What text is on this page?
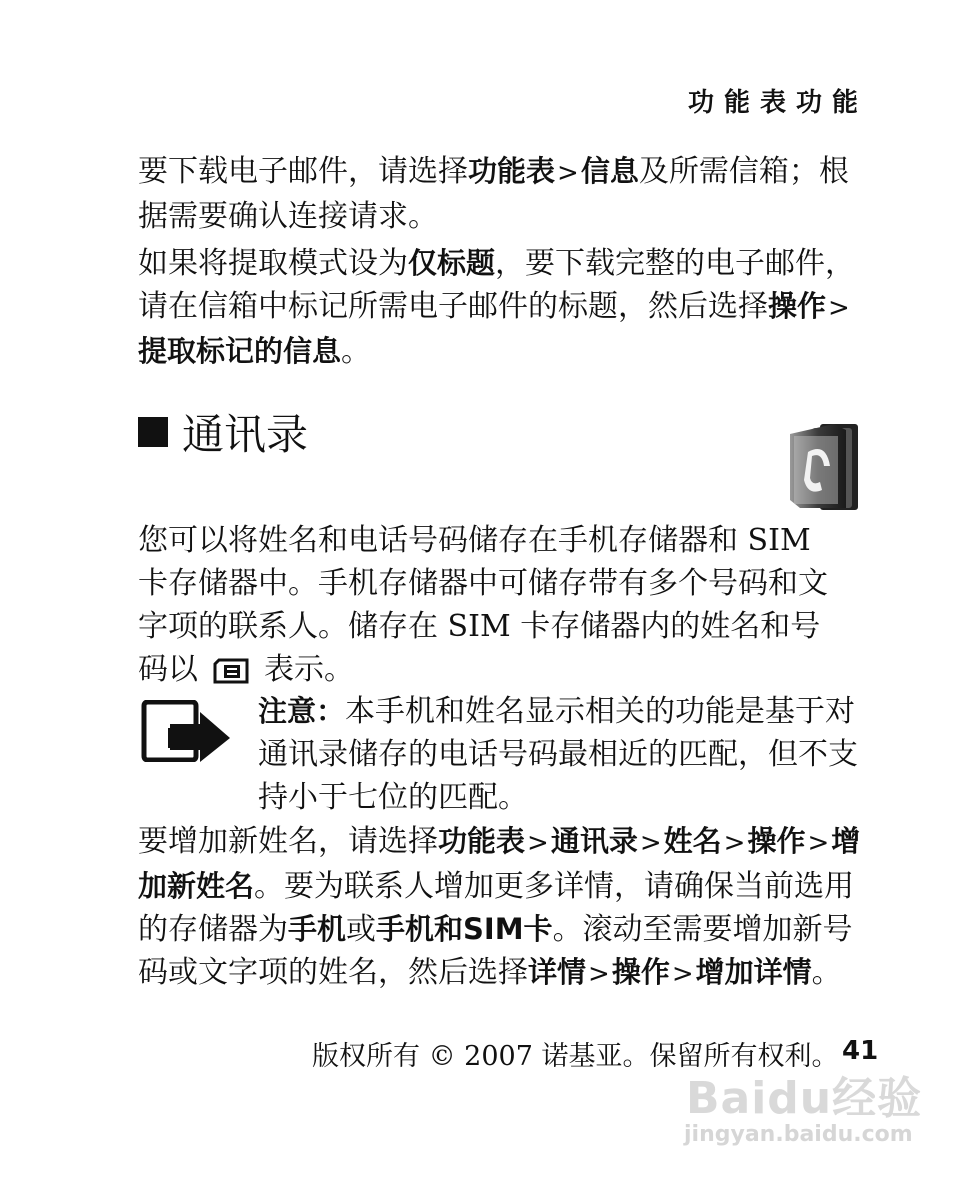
功能表功能
要下载电子邮件，请选择功能表>信息及所需信箱；根据需要确认连接请求。
如果将提取模式设为仅标题，要下载完整的电子邮件，请在信箱中标记所需电子邮件的标题，然后选择操作>提取标记的信息。
通讯录
您可以将姓名和电话号码储存在手机存储器和 SIM 卡存储器中。手机存储器中可储存带有多个号码和文字项的联系人。储存在 SIM 卡存储器内的姓名和号码以 表示。
注意：本手机和姓名显示相关的功能是基于对通讯录储存的电话号码最相近的匹配，但不支持小于七位的匹配。
要增加新姓名，请选择功能表>通讯录>姓名>操作>增加新姓名。要为联系人增加更多详情，请确保当前选用的存储器为手机或手机和SIM卡。滚动至需要增加新号码或文字项的姓名，然后选择详情>操作>增加详情。
版权所有 © 2007 诺基亚。保留所有权利。 41
Baidu经验
jingyan.baidu.com
